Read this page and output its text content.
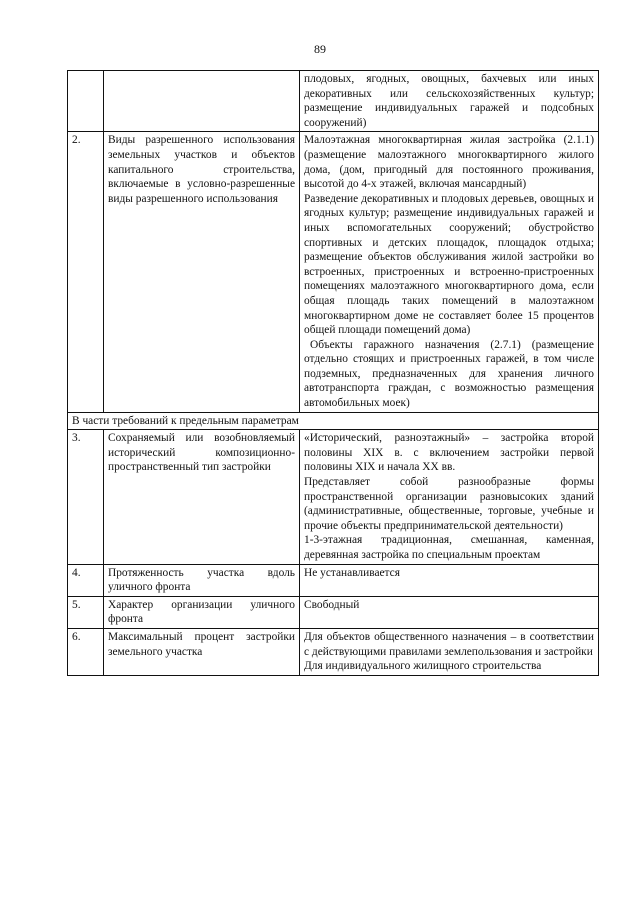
89

		плодовых, ягодных, овощных, бахчевых или иных декоративных или сельскохозяйственных культур; размещение индивидуальных гаражей и подсобных сооружений)

2.	Виды разрешенного использования земельных участков и объектов капитального строительства, включаемые в условно-разрешенные виды разрешенного использования	Малоэтажная многоквартирная жилая застройка (2.1.1) (размещение малоэтажного многоквартирного жилого дома, (дом, пригодный для постоянного проживания, высотой до 4-х этажей, включая мансардный)

Разведение декоративных и плодовых деревьев, овощных и ягодных культур; размещение индивидуальных гаражей и иных вспомогательных сооружений; обустройство спортивных и детских площадок, площадок отдыха; размещение объектов обслуживания жилой застройки во встроенных, пристроенных и встроенно-пристроенных помещениях малоэтажного многоквартирного дома, если общая площадь таких помещений в малоэтажном многоквартирном доме не составляет более 15 процентов общей площади помещений дома)

Объекты гаражного назначения (2.7.1) (размещение отдельно стоящих и пристроенных гаражей, в том числе подземных, предназначенных для хранения личного автотранспорта граждан, с возможностью размещения автомобильных моек)

В части требований к предельным параметрам		
3.	Сохраняемый или возобновляемый исторический композиционно-пространственный тип застройки	«Исторический, разноэтажный» – застройка второй половины XIX в. с включением застройки первой половины XIX и начала XX вв.

Представляет собой разнообразные формы пространственной организации разновысоких зданий (административные, общественные, торговые, учебные и прочие объекты предпринимательской деятельности)

1-3-этажная традиционная, смешанная, каменная, деревянная застройка по специальным проектам

4.	Протяженность участка вдоль уличного фронта	Не устанавливается

5.	Характер организации уличного фронта	Свободный

6.	Максимальный процент застройки земельного участка	Для объектов общественного назначения – в соответствии с действующими правилами землепользования и застройки

Для индивидуального жилищного строительства
